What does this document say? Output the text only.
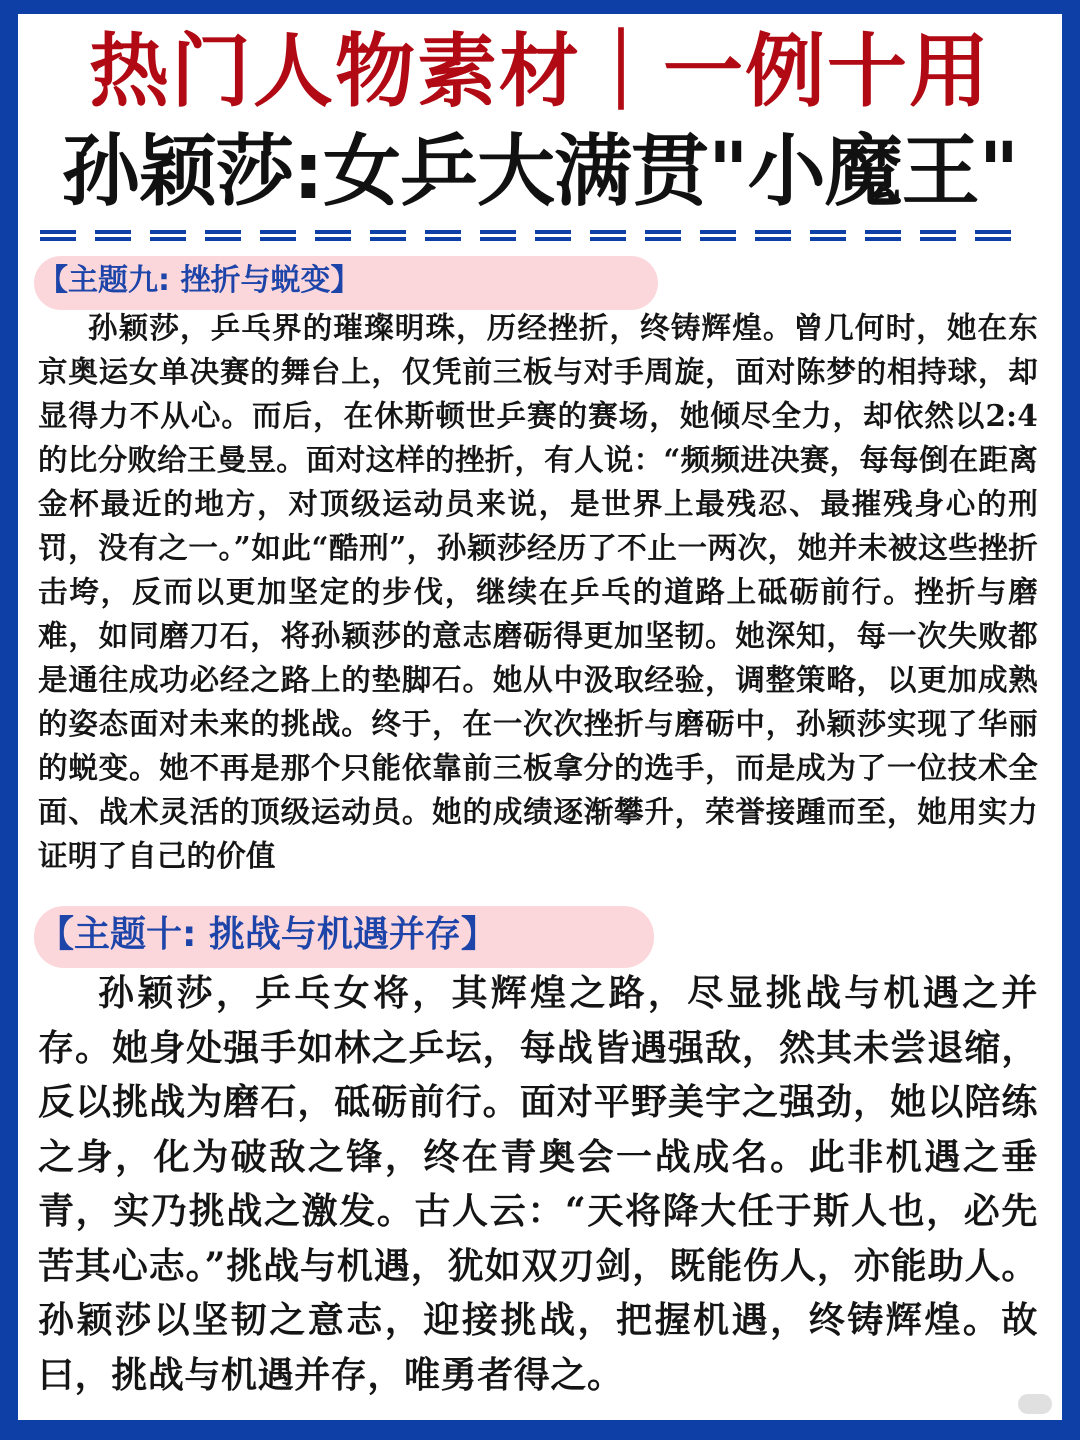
热门人物素材｜一例十用
孙颖莎:女乒大满贯"小魔王"
【主题九: 挫折与蜕变】

孙颖莎，乒乓界的璀璨明珠，历经挫折，终铸辉煌。曾几何时，她在东京奥运女单决赛的舞台上，仅凭前三板与对手周旋，面对陈梦的相持球，却显得力不从心。而后，在休斯顿世乒赛的赛场，她倾尽全力，却依然以2:4的比分败给王曼昱。面对这样的挫折，有人说：“频频进决赛，每每倒在距离金杯最近的地方，对顶级运动员来说，是世界上最残忍、最摧残身心的刑罚，没有之一。”如此“酷刑”，孙颖莎经历了不止一两次，她并未被这些挫折击垮，反而以更加坚定的步伐，继续在乒乓的道路上砥砺前行。挫折与磨难，如同磨刀石，将孙颖莎的意志磨砺得更加坚韧。她深知，每一次失败都是通往成功必经之路上的垫脚石。她从中汲取经验，调整策略，以更加成熟的姿态面对未来的挑战。终于，在一次次挫折与磨砺中，孙颖莎实现了华丽的蜕变。她不再是那个只能依靠前三板拿分的选手，而是成为了一位技术全面、战术灵活的顶级运动员。她的成绩逐渐攀升，荣誉接踵而至，她用实力证明了自己的价值

【主题十: 挑战与机遇并存】

孙颖莎，乒乓女将，其辉煌之路，尽显挑战与机遇之并存。她身处强手如林之乒坛，每战皆遇强敌，然其未尝退缩，反以挑战为磨石，砥砺前行。面对平野美宇之强劲，她以陪练之身，化为破敌之锋，终在青奥会一战成名。此非机遇之垂青，实乃挑战之激发。古人云：“天将降大任于斯人也，必先苦其心志。”挑战与机遇，犹如双刃剑，既能伤人，亦能助人。孙颖莎以坚韧之意志，迎接挑战，把握机遇，终铸辉煌。故曰，挑战与机遇并存，唯勇者得之。
